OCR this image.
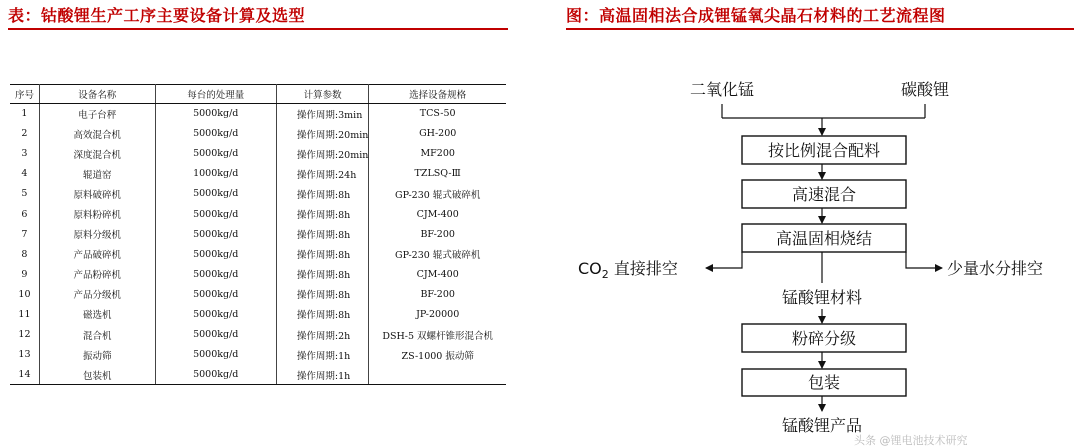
表：钴酸锂生产工序主要设备计算及选型
序号	设备名称	每台的处理量	计算参数	选择设备规格
1	电子台秤	5000kg/d	操作周期:3min	TCS-50
2	高效混合机	5000kg/d	操作周期:20min	GH-200
3	深度混合机	5000kg/d	操作周期:20min	MF200
4	辊道窑	1000kg/d	操作周期:24h	TZLSQ-Ⅲ
5	原料破碎机	5000kg/d	操作周期:8h	GP-230 辊式破碎机
6	原料粉碎机	5000kg/d	操作周期:8h	CJM-400
7	原料分级机	5000kg/d	操作周期:8h	BF-200
8	产品破碎机	5000kg/d	操作周期:8h	GP-230 辊式破碎机
9	产品粉碎机	5000kg/d	操作周期:8h	CJM-400
10	产品分级机	5000kg/d	操作周期:8h	BF-200
11	磁选机	5000kg/d	操作周期:8h	JP-20000
12	混合机	5000kg/d	操作周期:2h	DSH-5 双螺杆锥形混合机
13	振动筛	5000kg/d	操作周期:1h	ZS-1000 振动筛
14	包装机	5000kg/d	操作周期:1h	
图：高温固相法合成锂锰氧尖晶石材料的工艺流程图
二氧化锰	碳酸锂
按比例混合配料
高速混合
高温固相烧结
$CO_2$ 直接排空	少量水分排空
锰酸锂材料
粉碎分级
包装
锰酸锂产品
头条 @锂电池技术研究
